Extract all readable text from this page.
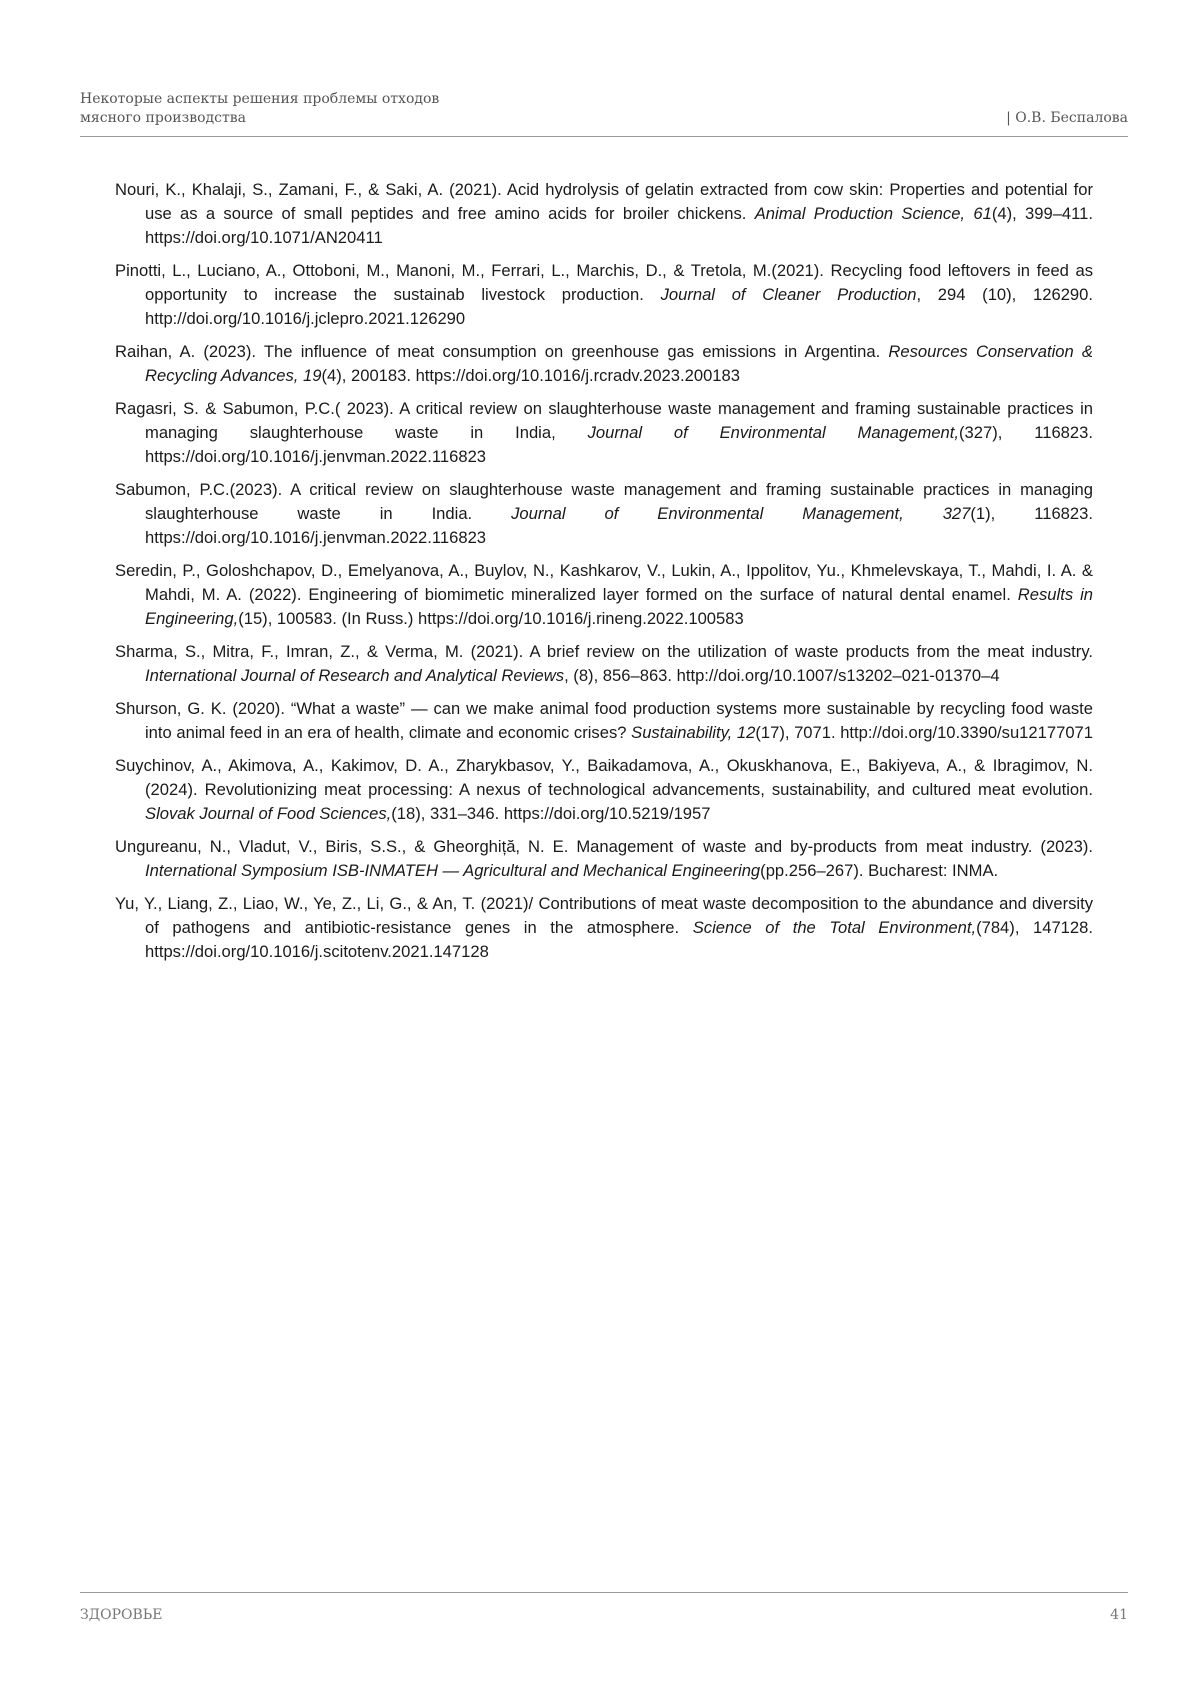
Некоторые аспекты решения проблемы отходов
мясного производства	| О.В. Беспалова
Nouri, K., Khalaji, S., Zamani, F., & Saki, A. (2021). Acid hydrolysis of gelatin extracted from cow skin: Properties and potential for use as a source of small peptides and free amino acids for broiler chickens. Animal Production Science, 61(4), 399–411. https://doi.org/10.1071/AN20411
Pinotti, L., Luciano, A., Ottoboni, M., Manoni, M., Ferrari, L., Marchis, D., & Tretola, M.(2021). Recycling food leftovers in feed as opportunity to increase the sustainab livestock production. Journal of Cleaner Production, 294 (10), 126290. http://doi.org/10.1016/j.jclepro.2021.126290
Raihan, A. (2023). The influence of meat consumption on greenhouse gas emissions in Argentina. Resources Conservation & Recycling Advances, 19(4), 200183. https://doi.org/10.1016/j.rcradv.2023.200183
Ragasri, S. & Sabumon, P.C.( 2023). A critical review on slaughterhouse waste management and framing sustainable practices in managing slaughterhouse waste in India, Journal of Environmental Management,(327), 116823. https://doi.org/10.1016/j.jenvman.2022.116823
Sabumon, P.C.(2023). A critical review on slaughterhouse waste management and framing sustainable practices in managing slaughterhouse waste in India. Journal of Environmental Management, 327(1), 116823. https://doi.org/10.1016/j.jenvman.2022.116823
Seredin, P., Goloshchapov, D., Emelyanova, A., Buylov, N., Kashkarov, V., Lukin, A., Ippolitov, Yu., Khmelevskaya, T., Mahdi, I. A. & Mahdi, M. A. (2022). Engineering of biomimetic mineralized layer formed on the surface of natural dental enamel. Results in Engineering,(15), 100583. (In Russ.) https://doi.org/10.1016/j.rineng.2022.100583
Sharma, S., Mitra, F., Imran, Z., & Verma, M. (2021). A brief review on the utilization of waste products from the meat industry. International Journal of Research and Analytical Reviews, (8), 856–863. http://doi.org/10.1007/s13202–021-01370–4
Shurson, G. K. (2020). “What a waste” — can we make animal food production systems more sustainable by recycling food waste into animal feed in an era of health, climate and economic crises? Sustainability, 12(17), 7071. http://doi.org/10.3390/su12177071
Suychinov, A., Akimova, A., Kakimov, D. A., Zharykbasov, Y., Baikadamova, A., Okuskhanova, E., Bakiyeva, A., & Ibragimov, N. (2024). Revolutionizing meat processing: A nexus of technological advancements, sustainability, and cultured meat evolution. Slovak Journal of Food Sciences,(18), 331–346. https://doi.org/10.5219/1957
Ungureanu, N., Vladut, V., Biris, S.S., & Gheorghiță, N. E. Management of waste and by-products from meat industry. (2023). International Symposium ISB-INMATEH — Agricultural and Mechanical Engineering(pp.256–267). Bucharest: INMA.
Yu, Y., Liang, Z., Liao, W., Ye, Z., Li, G., & An, T. (2021)/ Contributions of meat waste decomposition to the abundance and diversity of pathogens and antibiotic-resistance genes in the atmosphere. Science of the Total Environment,(784), 147128. https://doi.org/10.1016/j.scitotenv.2021.147128
ЗДОРОВЬЕ	41
